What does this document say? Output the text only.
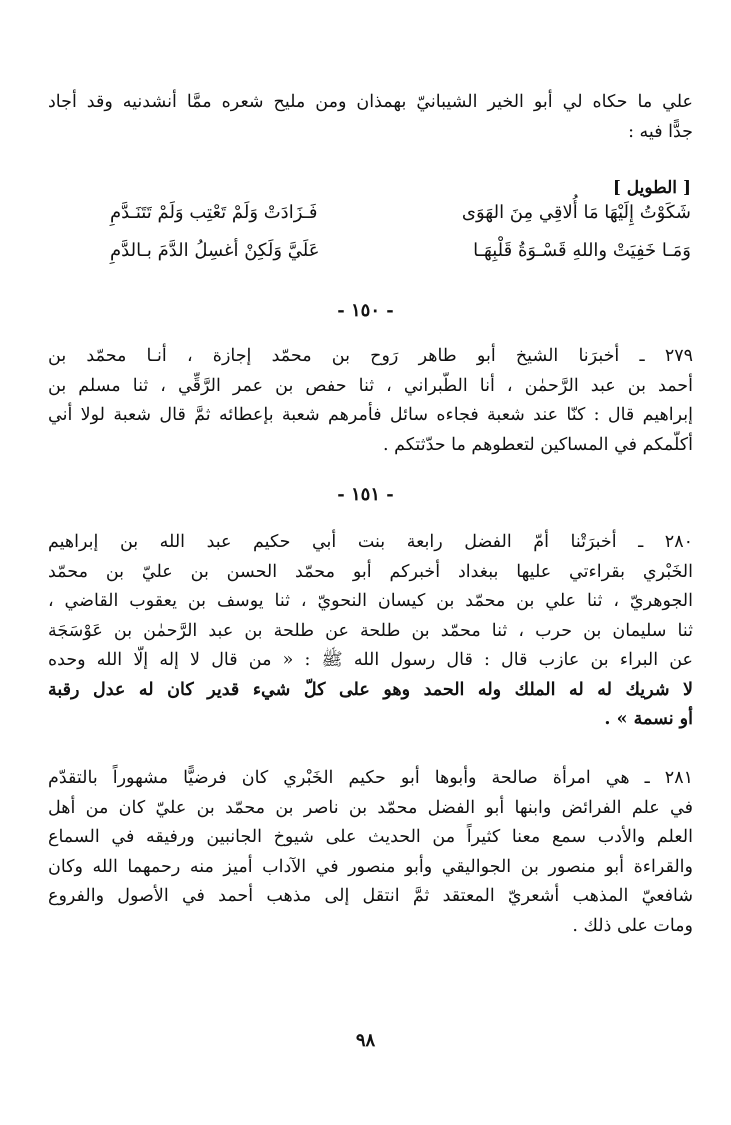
علي ما حكاه لي أبو الخير الشيبانيّ بهمذان ومن مليح شعره ممَّا أنشدنيه وقد أجاد
جدًّا فيه :
[ الطويل ]
شَكَوْتُ إِلَيْهَا مَا أُلاقِي مِنَ الهَوَى
فَـزَادَتْ وَلَمْ تَعْتِب وَلَمْ تَتَنَـدَّمِ
وَمَـا خَفِيَتْ واللهِ قَسْـوَةُ قَلْبِهَـا
عَلَيَّ وَلَكِنْ أغسِلُ الدَّمَ بـالدَّمِ
- ١٥٠ -
٢٧٩ ـ أخبرَنا الشيخ أبو طاهر رَوح بن محمّد إجازة ، أنـا محمّد بن
أحمد بن عبد الرَّحمٰن ، أنا الطَّبراني ، ثنا حفص بن عمر الرَّقِّي ، ثنا مسلم بن
إبراهيم قال : كنّا عند شعبة فجاءه سائل فأمرهم شعبة بإعطائه ثمَّ قال شعبة لولا أني
أكلّمكم في المساكين لتعطوهم ما حدّثتكم .
- ١٥١ -
٢٨٠ ـ أخبرَتْنا أمّ الفضل رابعة بنت أبي حكيم عبد الله بن إبراهيم
الخَبْري بقراءتي عليها ببغداد أخبركم أبو محمّد الحسن بن عليّ بن محمّد
الجوهريّ ، ثنا علي بن محمّد بن كيسان النحويّ ، ثنا يوسف بن يعقوب القاضي ،
ثنا سليمان بن حرب ، ثنا محمّد بن طلحة عن طلحة بن عبد الرَّحمٰن بن عَوْسَجَة
عن البراء بن عازب قال : قال رسول الله ﷺ : « من قال لا إله إلّا الله وحده
لا شريك له له الملك وله الحمد وهو على كلّ شيء قدير كان له عدل رقبة
أو نسمة » .
٢٨١ ـ هي امرأة صالحة وأبوها أبو حكيم الخَبْري كان فرضيًّا مشهوراً بالتقدّم
في علم الفرائض وابنها أبو الفضل محمّد بن ناصر بن محمّد بن عليّ كان من أهل
العلم والأدب سمع معنا كثيراً من الحديث على شيوخ الجانبين ورفيقه في السماع
والقراءة أبو منصور بن الجواليقي وأبو منصور في الآداب أميز منه رحمهما الله وكان
شافعيّ المذهب أشعريّ المعتقد ثمَّ انتقل إلى مذهب أحمد في الأصول والفروع
ومات على ذلك .
٩٨
